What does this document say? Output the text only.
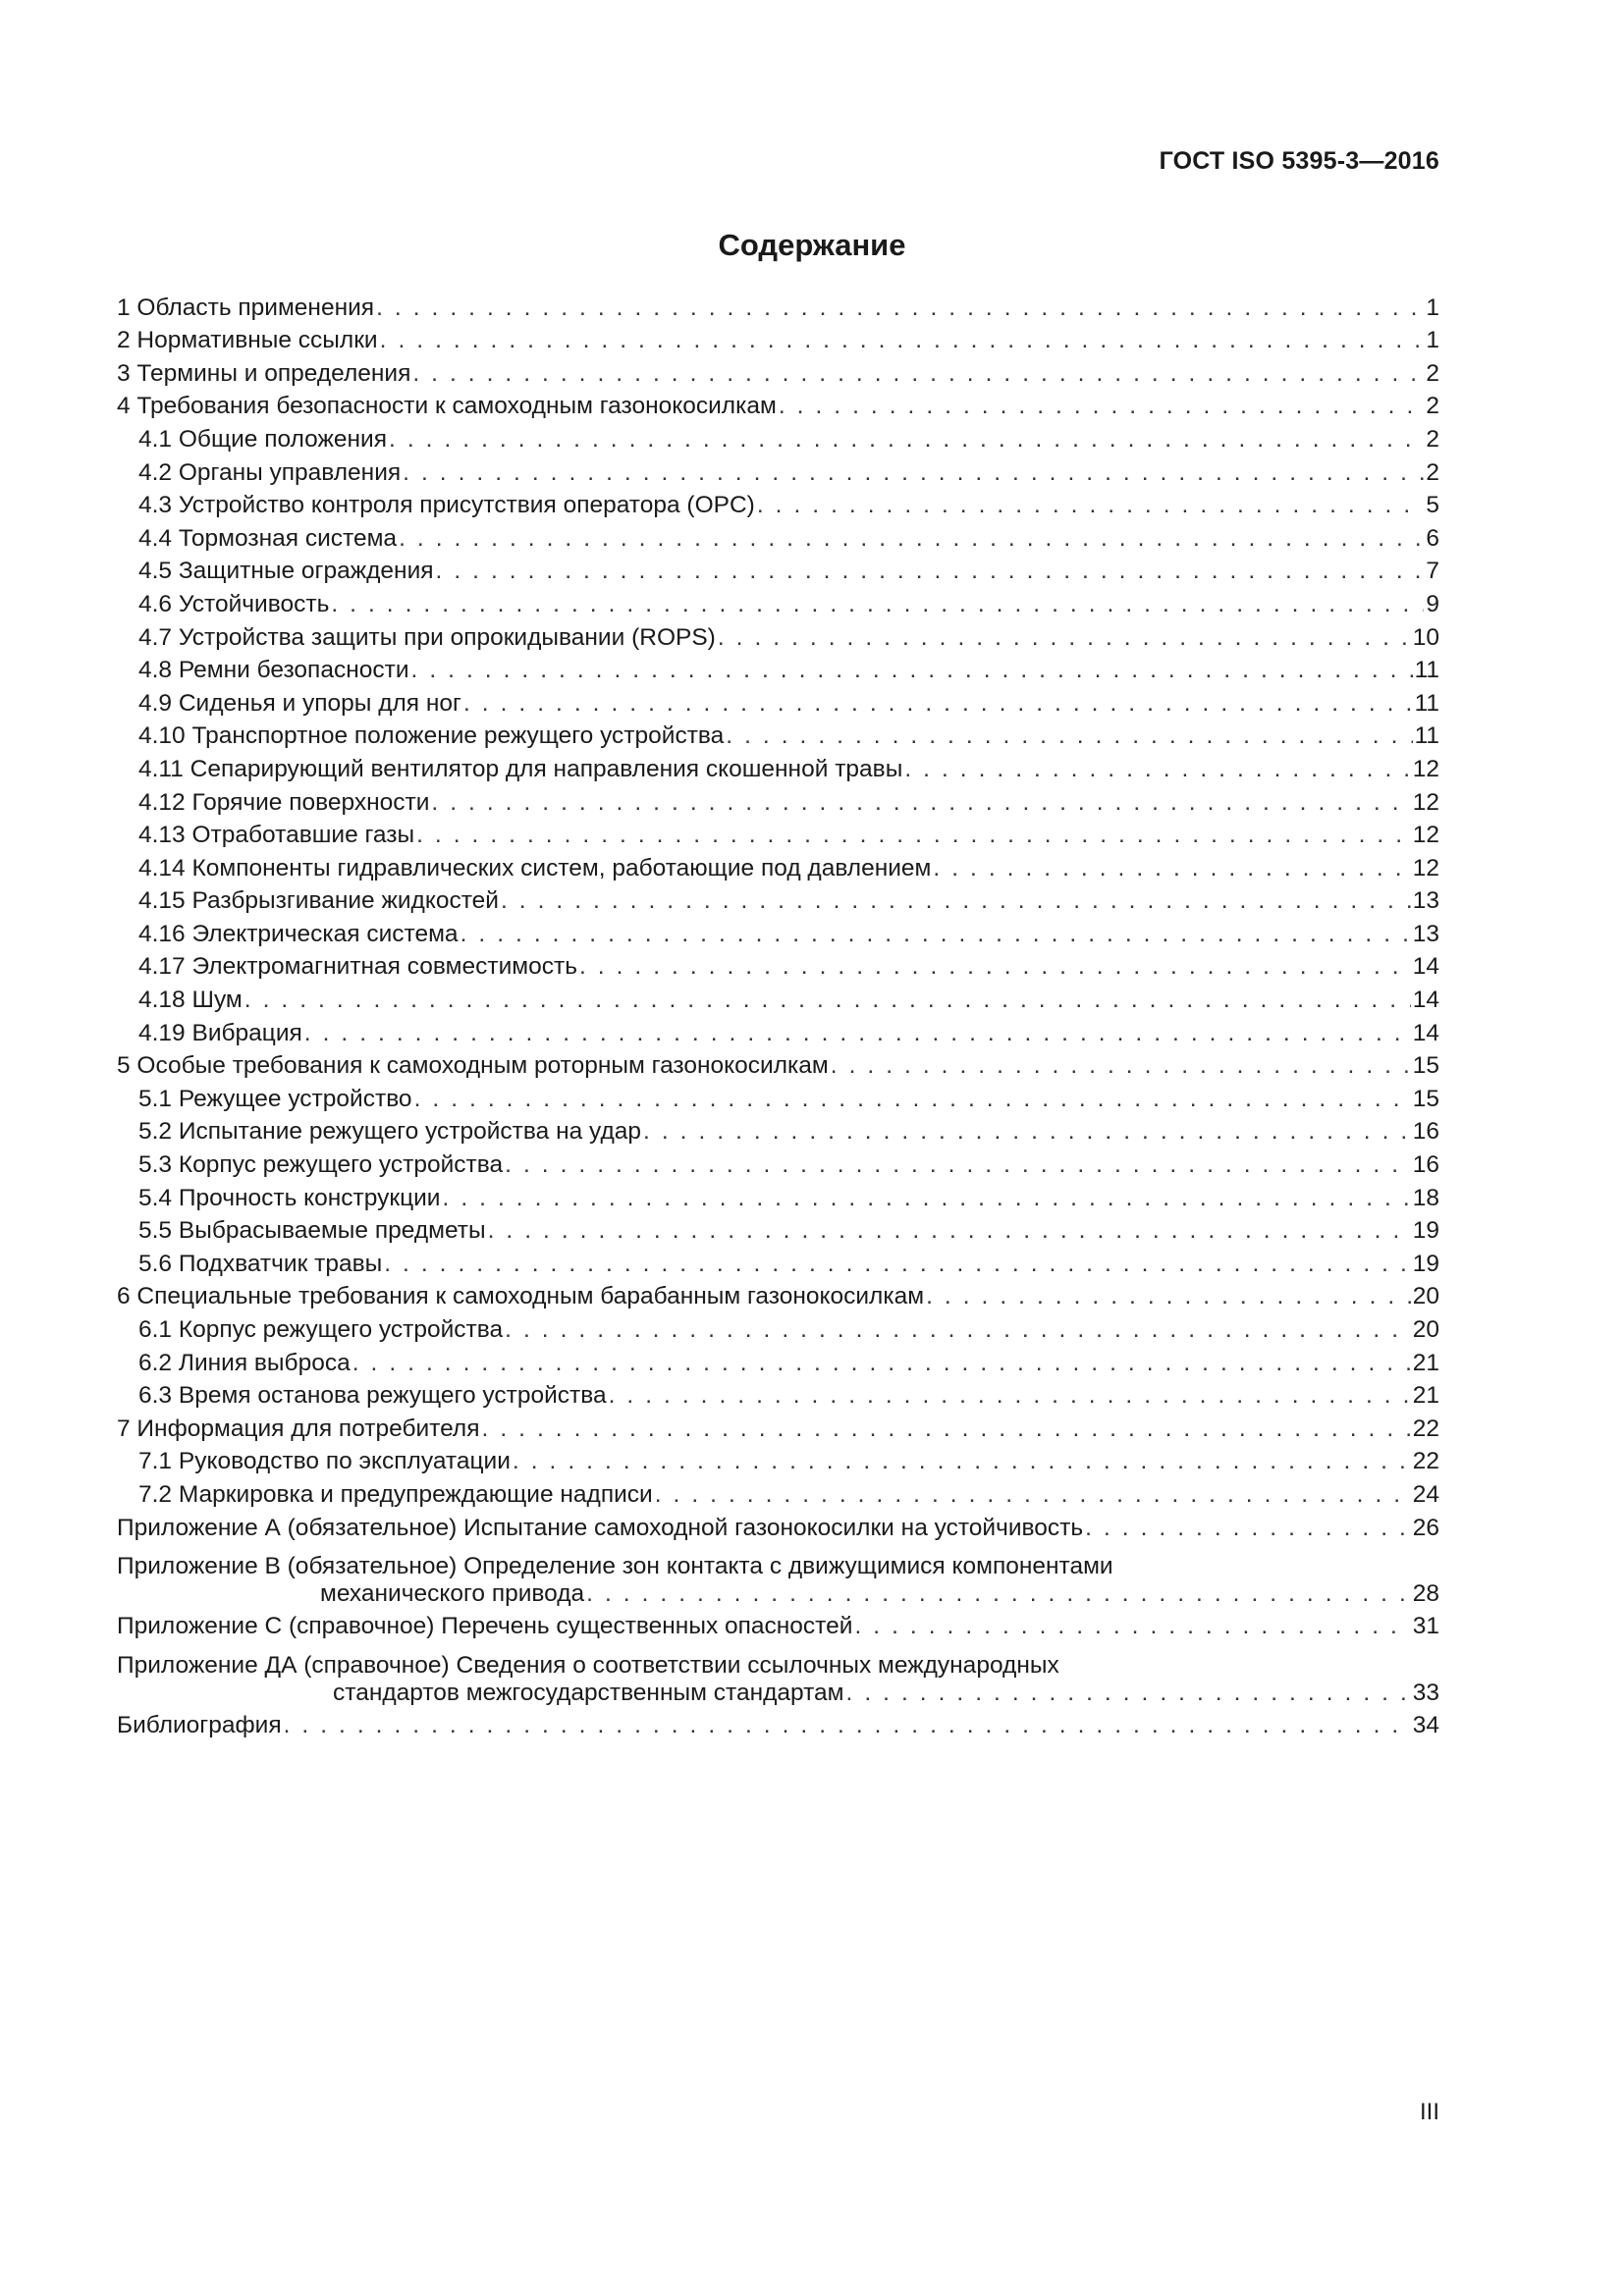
ГОСТ ISO 5395-3—2016
Содержание
1 Область применения . . .	1
2 Нормативные ссылки . . .	1
3 Термины и определения . . .	2
4 Требования безопасности к самоходным газонокосилкам . . .	2
4.1 Общие положения . . .	2
4.2 Органы управления . . .	2
4.3 Устройство контроля присутствия оператора (OPC) . . .	5
4.4 Тормозная система . . .	6
4.5 Защитные ограждения . . .	7
4.6 Устойчивость . . .	9
4.7 Устройства защиты при опрокидывании (ROPS) . . .	10
4.8 Ремни безопасности . . .	11
4.9 Сиденья и упоры для ног . . .	11
4.10 Транспортное положение режущего устройства . . .	11
4.11 Сепарирующий вентилятор для направления скошенной травы . . .	12
4.12 Горячие поверхности . . .	12
4.13 Отработавшие газы . . .	12
4.14 Компоненты гидравлических систем, работающие под давлением . . .	12
4.15 Разбрызгивание жидкостей . . .	13
4.16 Электрическая система . . .	13
4.17 Электромагнитная совместимость . . .	14
4.18 Шум . . .	14
4.19 Вибрация . . .	14
5 Особые требования к самоходным роторным газонокосилкам . . .	15
5.1 Режущее устройство . . .	15
5.2 Испытание режущего устройства на удар . . .	16
5.3 Корпус режущего устройства . . .	16
5.4 Прочность конструкции . . .	18
5.5 Выбрасываемые предметы . . .	19
5.6 Подхватчик травы . . .	19
6 Специальные требования к самоходным барабанным газонокосилкам . . .	20
6.1 Корпус режущего устройства . . .	20
6.2 Линия выброса . . .	21
6.3 Время останова режущего устройства . . .	21
7 Информация для потребителя . . .	22
7.1 Руководство по эксплуатации . . .	22
7.2 Маркировка и предупреждающие надписи . . .	24
Приложение А (обязательное) Испытание самоходной газонокосилки на устойчивость . . .	26
Приложение В (обязательное) Определение зон контакта с движущимися компонентами
механического привода . . .	28
Приложение С (справочное) Перечень существенных опасностей . . .	31
Приложение ДА (справочное) Сведения о соответствии ссылочных международных
стандартов межгосударственным стандартам . . .	33
Библиография . . .	34
III
